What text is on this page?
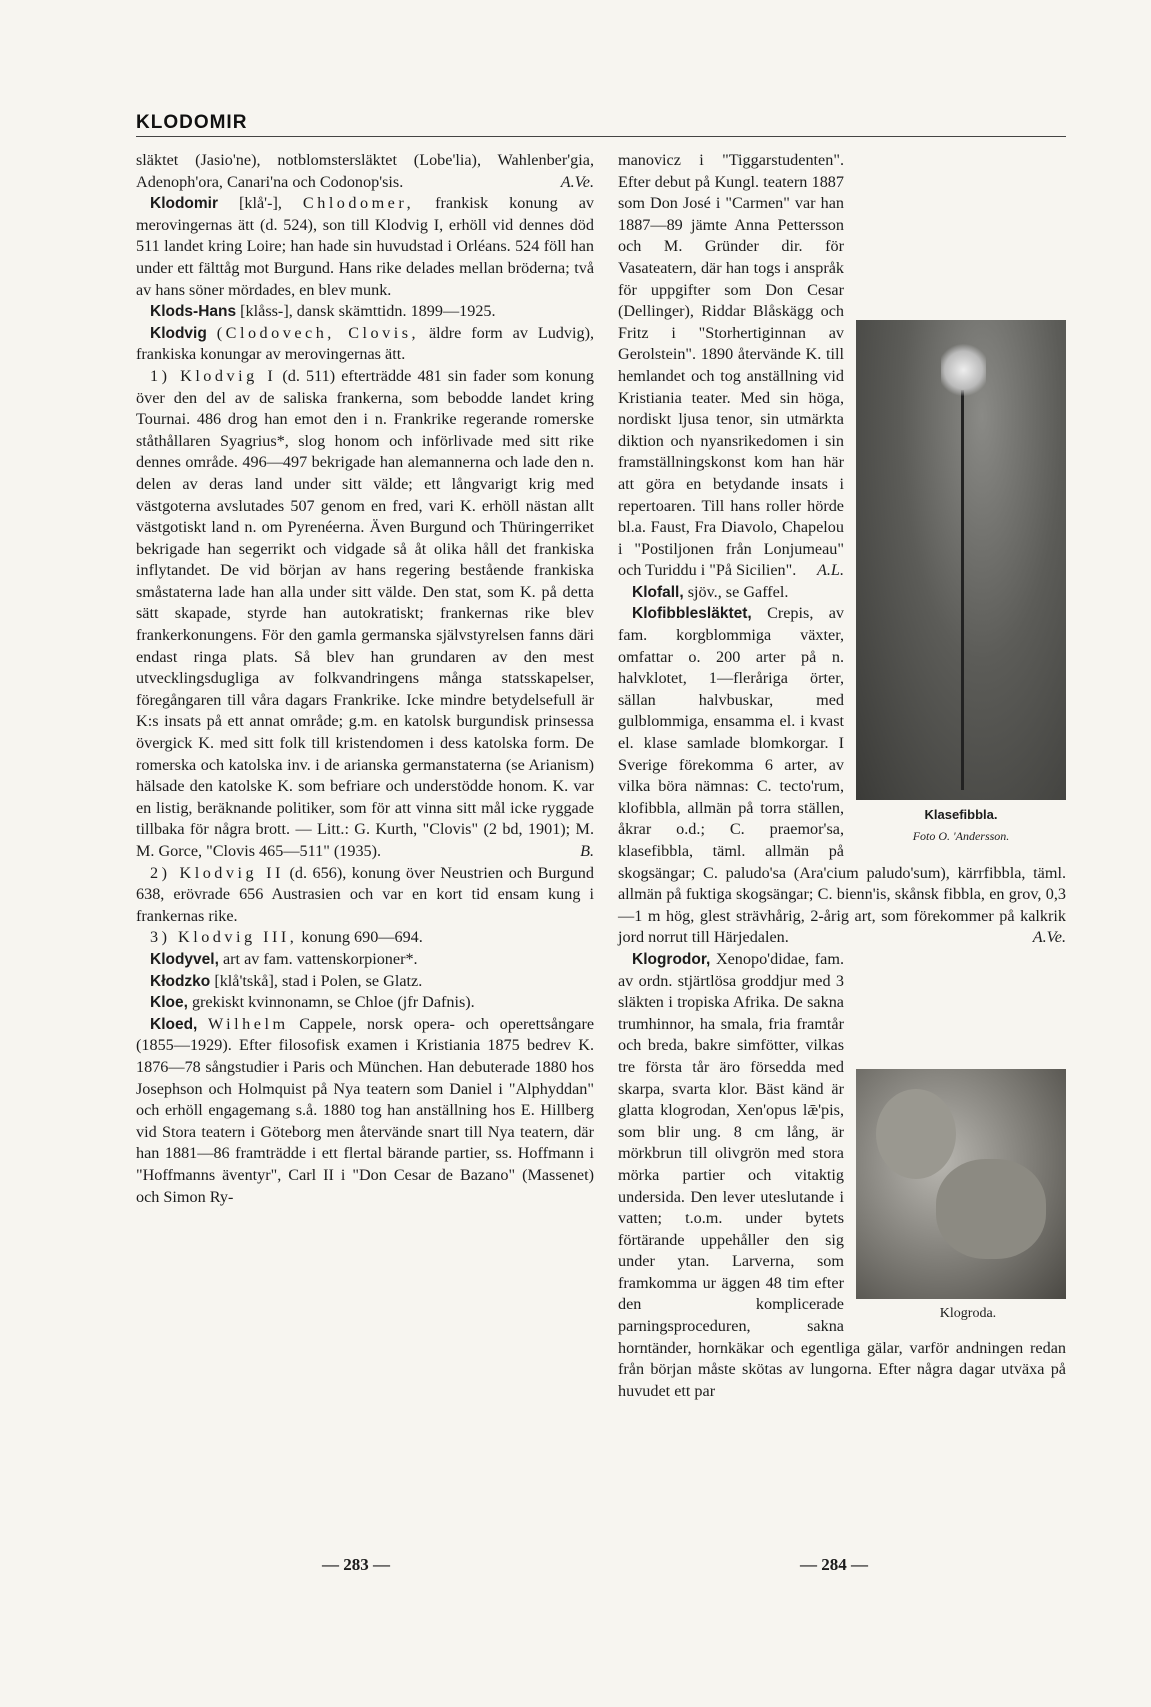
KLODOMIR

släktet (Jasio'ne), notblomstersläktet (Lobe'lia), Wahlenber'gia, Adenoph'ora, Canari'na och Codonop'sis.	A.Ve.

Klodomir [klå'-], Chlodomer, frankisk konung av merovingernas ätt (d. 524), son till Klodvig I, erhöll vid dennes död 511 landet kring Loire; han hade sin huvudstad i Orléans. 524 föll han under ett fälttåg mot Burgund. Hans rike delades mellan bröderna; två av hans söner mördades, en blev munk.

Klods-Hans [klåss-], dansk skämttidn. 1899—1925.

Klodvig (Clodovech, Clovis, äldre form av Ludvig), frankiska konungar av merovingernas ätt.

1) Klodvig I (d. 511) efterträdde 481 sin fader som konung över den del av de saliska frankerna, som bebodde landet kring Tournai. 486 drog han emot den i n. Frankrike regerande romerske ståthållaren Syagrius*, slog honom och införlivade med sitt rike dennes område. 496—497 bekrigade han alemannerna och lade den n. delen av deras land under sitt välde; ett långvarigt krig med västgoterna avslutades 507 genom en fred, vari K. erhöll nästan allt västgotiskt land n. om Pyrenéerna. Även Burgund och Thüringerriket bekrigade han segerrikt och vidgade så åt olika håll det frankiska inflytandet. De vid början av hans regering bestående frankiska småstaterna lade han alla under sitt välde. Den stat, som K. på detta sätt skapade, styrde han autokratiskt; frankernas rike blev frankerkonungens. För den gamla germanska självstyrelsen fanns däri endast ringa plats. Så blev han grundaren av den mest utvecklingsdugliga av folkvandringens många statsskapelser, föregångaren till våra dagars Frankrike. Icke mindre betydelsefull är K:s insats på ett annat område; g.m. en katolsk burgundisk prinsessa övergick K. med sitt folk till kristendomen i dess katolska form. De romerska och katolska inv. i de arianska germanstaterna (se Arianism) hälsade den katolske K. som befriare och understödde honom. K. var en listig, beräknande politiker, som för att vinna sitt mål icke ryggade tillbaka för några brott. — Litt.: G. Kurth, "Clovis" (2 bd, 1901); M. M. Gorce, "Clovis 465—511" (1935).	B.

2) Klodvig II (d. 656), konung över Neustrien och Burgund 638, erövrade 656 Austrasien och var en kort tid ensam kung i frankernas rike.

3) Klodvig III, konung 690—694.

Klodyvel, art av fam. vattenskorpioner*.

Kłodzko [klå'tskå], stad i Polen, se Glatz.

Kloe, grekiskt kvinnonamn, se Chloe (jfr Dafnis).

Kloed, Wilhelm Cappele, norsk opera- och operettsångare (1855—1929). Efter filosofisk examen i Kristiania 1875 bedrev K. 1876—78 sångstudier i Paris och München. Han debuterade 1880 hos Josephson och Holmquist på Nya teatern som Daniel i "Alphyddan" och erhöll engagemang s.å. 1880 tog han anställning hos E. Hillberg vid Stora teatern i Göteborg men återvände snart till Nya teatern, där han 1881—86 framträdde i ett flertal bärande partier, ss. Hoffmann i "Hoffmanns äventyr", Carl II i "Don Cesar de Bazano" (Massenet) och Simon Ry-

Klasefibbla.
Foto O. 'Andersson.
manovicz i "Tiggarstudenten". Efter debut på Kungl. teatern 1887 som Don José i "Carmen" var han 1887—89 jämte Anna Pettersson och M. Gründer dir. för Vasateatern, där han togs i anspråk för uppgifter som Don Cesar (Dellinger), Riddar Blåskägg och Fritz i "Storhertiginnan av Gerolstein". 1890 återvände K. till hemlandet och tog anställning vid Kristiania teater. Med sin höga, nordiskt ljusa tenor, sin utmärkta diktion och nyansrikedomen i sin framställningskonst kom han här att göra en betydande insats i repertoaren. Till hans roller hörde bl.a. Faust, Fra Diavolo, Chapelou i "Postiljonen från Lonjumeau" och Turiddu i "På Sicilien". A.L.

Klofall, sjöv., se Gaffel.

Klofibblesläktet, Crepis, av fam. korgblommiga växter, omfattar o. 200 arter på n. halvklotet, 1—fleråriga örter, sällan halvbuskar, med gulblommiga, ensamma el. i kvast el. klase samlade blomkorgar. I Sverige förekomma 6 arter, av vilka böra nämnas: C. tecto'rum, klofibbla, allmän på torra ställen, åkrar o.d.; C. praemor'sa, klasefibbla, täml. allmän på skogsängar; C. paludo'sa (Ara'cium paludo'sum), kärrfibbla, täml. allmän på fuktiga skogsängar; C. bienn'is, skånsk fibbla, en grov, 0,3—1 m hög, glest strävhårig, 2-årig art, som förekommer på kalkrik jord norrut till Härjedalen.	A.Ve.

Klogroda.
Klogrodor, Xenopo'didae, fam. av ordn. stjärtlösa groddjur med 3 släkten i tropiska Afrika. De sakna trumhinnor, ha smala, fria framtår och breda, bakre simfötter, vilkas tre första tår äro försedda med skarpa, svarta klor. Bäst känd är glatta klogrodan, Xen'opus lǣ'pis, som blir ung. 8 cm lång, är mörkbrun till olivgrön med stora mörka partier och vitaktig undersida. Den lever uteslutande i vatten; t.o.m. under bytets förtärande uppehåller den sig under ytan. Larverna, som framkomma ur äggen 48 tim efter den komplicerade parningsproceduren, sakna horntänder, hornkäkar och egentliga gälar, varför andningen redan från början måste skötas av lungorna. Efter några dagar utväxa på huvudet ett par

— 283 —	— 284 —
